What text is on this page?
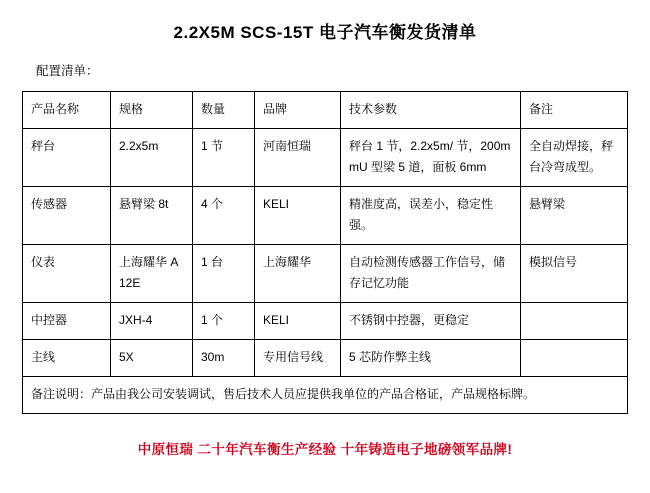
2.2X5M SCS-15T 电子汽车衡发货清单
配置清单：
产品名称	规格	数量	品牌	技术参数	备注
秤台	2.2x5m	1 节	河南恒瑞	秤台 1 节，2.2x5m/ 节，200mmU 型梁 5 道，面板 6mm	全自动焊接，秤台冷弯成型。
传感器	悬臂梁 8t	4 个	KELI	精准度高，误差小，稳定性强。	悬臂梁
仪表	上海耀华 A12E	1 台	上海耀华	自动检测传感器工作信号，储存记忆功能	模拟信号
中控器	JXH-4	1 个	KELI	不锈钢中控器，更稳定	
主线	5X	30m	专用信号线	5 芯防作弊主线	
备注说明：产品由我公司安装调试，售后技术人员应提供我单位的产品合格证，产品规格标牌。					
中原恒瑞 二十年汽车衡生产经验 十年铸造电子地磅领军品牌!
